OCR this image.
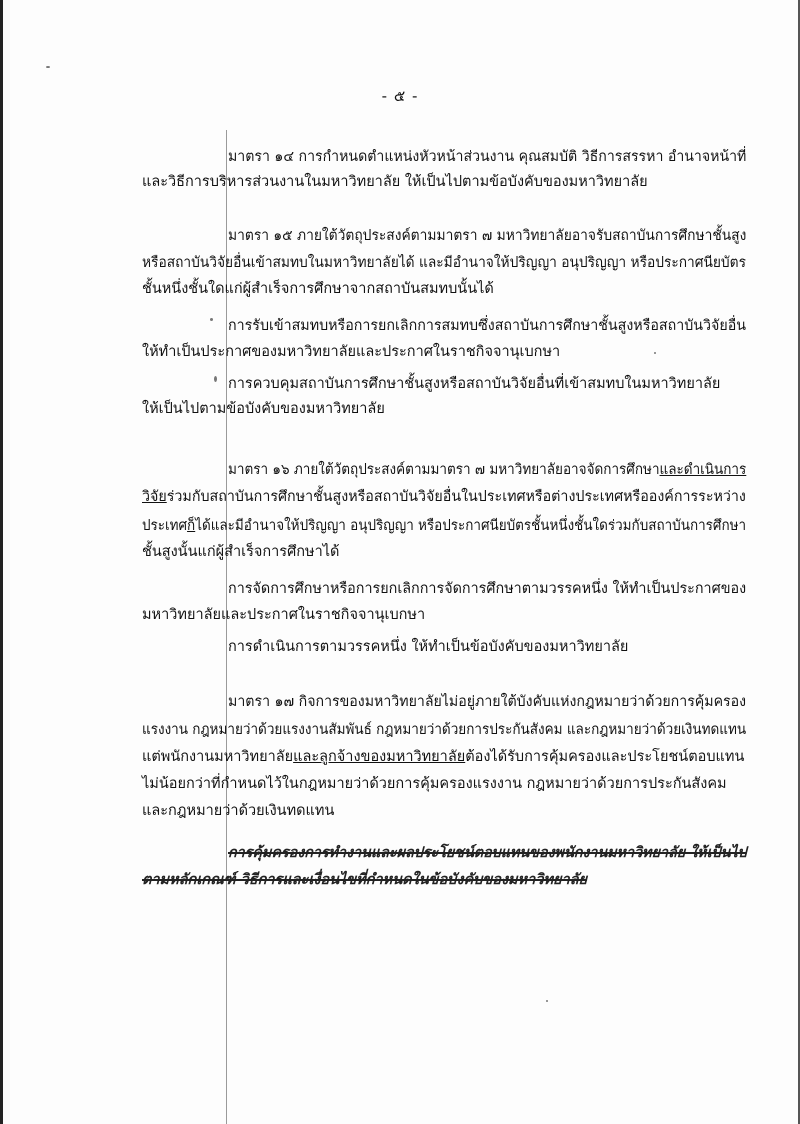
- ๕ -
มาตรา ๑๔ การกำหนดตำแหน่งหัวหน้าส่วนงาน คุณสมบัติ วิธีการสรรหา อำนาจหน้าที่
และวิธีการบริหารส่วนงานในมหาวิทยาลัย ให้เป็นไปตามข้อบังคับของมหาวิทยาลัย
มาตรา ๑๕ ภายใต้วัตถุประสงค์ตามมาตรา ๗ มหาวิทยาลัยอาจรับสถาบันการศึกษาชั้นสูง
หรือสถาบันวิจัยอื่นเข้าสมทบในมหาวิทยาลัยได้ และมีอำนาจให้ปริญญา อนุปริญญา หรือประกาศนียบัตร
ชั้นหนึ่งชั้นใดแก่ผู้สำเร็จการศึกษาจากสถาบันสมทบนั้นได้
การรับเข้าสมทบหรือการยกเลิกการสมทบซึ่งสถาบันการศึกษาชั้นสูงหรือสถาบันวิจัยอื่น
ให้ทำเป็นประกาศของมหาวิทยาลัยและประกาศในราชกิจจานุเบกษา
การควบคุมสถาบันการศึกษาชั้นสูงหรือสถาบันวิจัยอื่นที่เข้าสมทบในมหาวิทยาลัย
ให้เป็นไปตามข้อบังคับของมหาวิทยาลัย
มาตรา ๑๖ ภายใต้วัตถุประสงค์ตามมาตรา ๗ มหาวิทยาลัยอาจจัดการศึกษาและดำเนินการ
วิจัยร่วมกับสถาบันการศึกษาชั้นสูงหรือสถาบันวิจัยอื่นในประเทศหรือต่างประเทศหรือองค์การระหว่าง
ประเทศก็ได้และมีอำนาจให้ปริญญา อนุปริญญา หรือประกาศนียบัตรชั้นหนึ่งชั้นใดร่วมกับสถาบันการศึกษา
ชั้นสูงนั้นแก่ผู้สำเร็จการศึกษาได้
การจัดการศึกษาหรือการยกเลิกการจัดการศึกษาตามวรรคหนึ่ง ให้ทำเป็นประกาศของ
มหาวิทยาลัยและประกาศในราชกิจจานุเบกษา
การดำเนินการตามวรรคหนึ่ง ให้ทำเป็นข้อบังคับของมหาวิทยาลัย
มาตรา ๑๗ กิจการของมหาวิทยาลัยไม่อยู่ภายใต้บังคับแห่งกฎหมายว่าด้วยการคุ้มครอง
แรงงาน กฎหมายว่าด้วยแรงงานสัมพันธ์ กฎหมายว่าด้วยการประกันสังคม และกฎหมายว่าด้วยเงินทดแทน
แต่พนักงานมหาวิทยาลัยและลูกจ้างของมหาวิทยาลัยต้องได้รับการคุ้มครองและประโยชน์ตอบแทน
ไม่น้อยกว่าที่กำหนดไว้ในกฎหมายว่าด้วยการคุ้มครองแรงงาน กฎหมายว่าด้วยการประกันสังคม
และกฎหมายว่าด้วยเงินทดแทน
การคุ้มครองการทำงานและผลประโยชน์ตอบแทนของพนักงานมหาวิทยาลัย ให้เป็นไป
ตามหลักเกณฑ์ วิธีการและเงื่อนไขที่กำหนดในข้อบังคับของมหาวิทยาลัย
